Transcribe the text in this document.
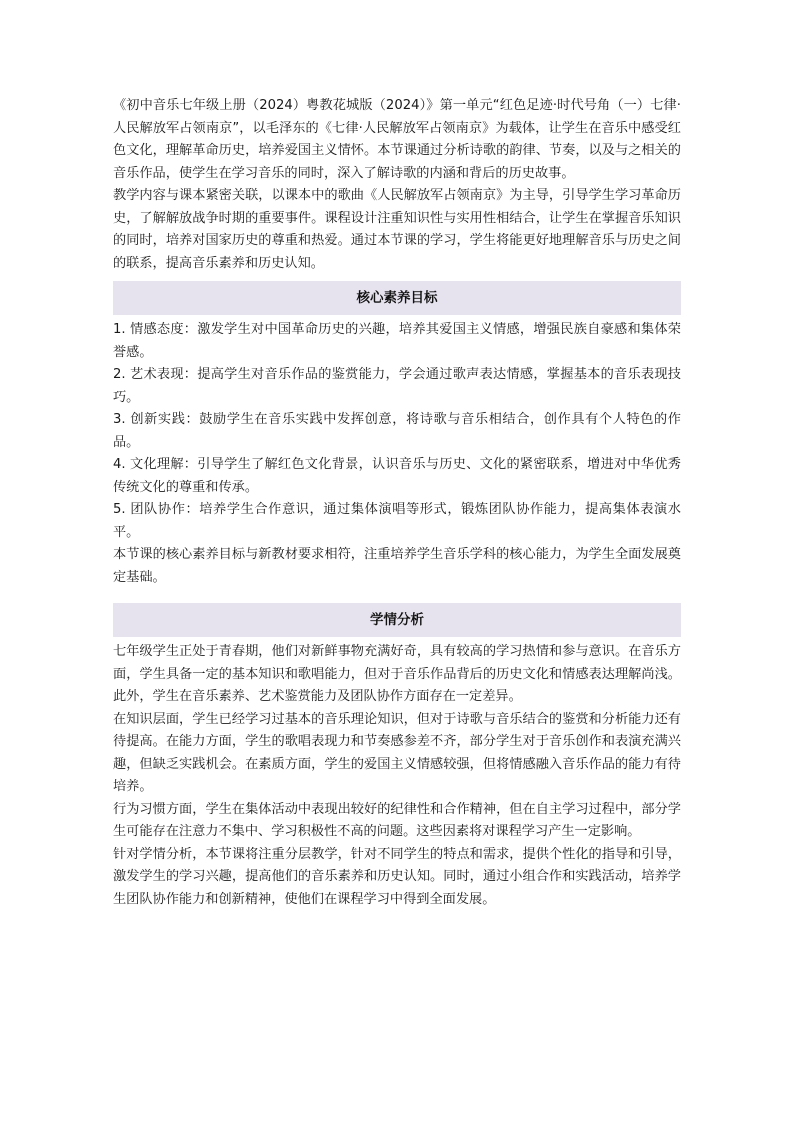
《初中音乐七年级上册（2024）粤教花城版（2024）》第一单元“红色足迹·时代号角（一）七律·人民解放军占领南京”，以毛泽东的《七律·人民解放军占领南京》为载体，让学生在音乐中感受红色文化，理解革命历史，培养爱国主义情怀。本节课通过分析诗歌的韵律、节奏，以及与之相关的音乐作品，使学生在学习音乐的同时，深入了解诗歌的内涵和背后的历史故事。

教学内容与课本紧密关联，以课本中的歌曲《人民解放军占领南京》为主导，引导学生学习革命历史，了解解放战争时期的重要事件。课程设计注重知识性与实用性相结合，让学生在掌握音乐知识的同时，培养对国家历史的尊重和热爱。通过本节课的学习，学生将能更好地理解音乐与历史之间的联系，提高音乐素养和历史认知。

核心素养目标

1. 情感态度：激发学生对中国革命历史的兴趣，培养其爱国主义情感，增强民族自豪感和集体荣誉感。

2. 艺术表现：提高学生对音乐作品的鉴赏能力，学会通过歌声表达情感，掌握基本的音乐表现技巧。

3. 创新实践：鼓励学生在音乐实践中发挥创意，将诗歌与音乐相结合，创作具有个人特色的作品。

4. 文化理解：引导学生了解红色文化背景，认识音乐与历史、文化的紧密联系，增进对中华优秀传统文化的尊重和传承。

5. 团队协作：培养学生合作意识，通过集体演唱等形式，锻炼团队协作能力，提高集体表演水平。

本节课的核心素养目标与新教材要求相符，注重培养学生音乐学科的核心能力，为学生全面发展奠定基础。

学情分析

七年级学生正处于青春期，他们对新鲜事物充满好奇，具有较高的学习热情和参与意识。在音乐方面，学生具备一定的基本知识和歌唱能力，但对于音乐作品背后的历史文化和情感表达理解尚浅。此外，学生在音乐素养、艺术鉴赏能力及团队协作方面存在一定差异。

在知识层面，学生已经学习过基本的音乐理论知识，但对于诗歌与音乐结合的鉴赏和分析能力还有待提高。在能力方面，学生的歌唱表现力和节奏感参差不齐，部分学生对于音乐创作和表演充满兴趣，但缺乏实践机会。在素质方面，学生的爱国主义情感较强，但将情感融入音乐作品的能力有待培养。

行为习惯方面，学生在集体活动中表现出较好的纪律性和合作精神，但在自主学习过程中，部分学生可能存在注意力不集中、学习积极性不高的问题。这些因素将对课程学习产生一定影响。

针对学情分析，本节课将注重分层教学，针对不同学生的特点和需求，提供个性化的指导和引导，激发学生的学习兴趣，提高他们的音乐素养和历史认知。同时，通过小组合作和实践活动，培养学生团队协作能力和创新精神，使他们在课程学习中得到全面发展。
